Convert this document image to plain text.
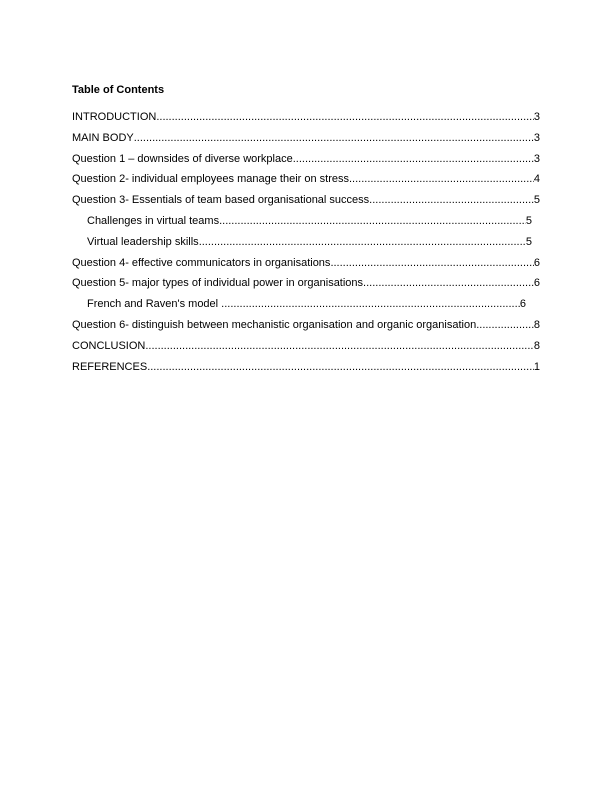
Table of Contents
INTRODUCTION .....	3
MAIN BODY .....	3
Question 1 – downsides of diverse workplace .....	3
Question 2- individual employees manage their on stress .....	4
Question 3- Essentials of team based organisational success .....	5
Challenges in virtual teams .....	5
Virtual leadership skills .....	5
Question 4- effective communicators in organisations .....	6
Question 5- major types of individual power in organisations .....	6
French and Raven's model .....	6
Question 6- distinguish between mechanistic organisation and organic organisation .....	8
CONCLUSION .....	8
REFERENCES .....	1
